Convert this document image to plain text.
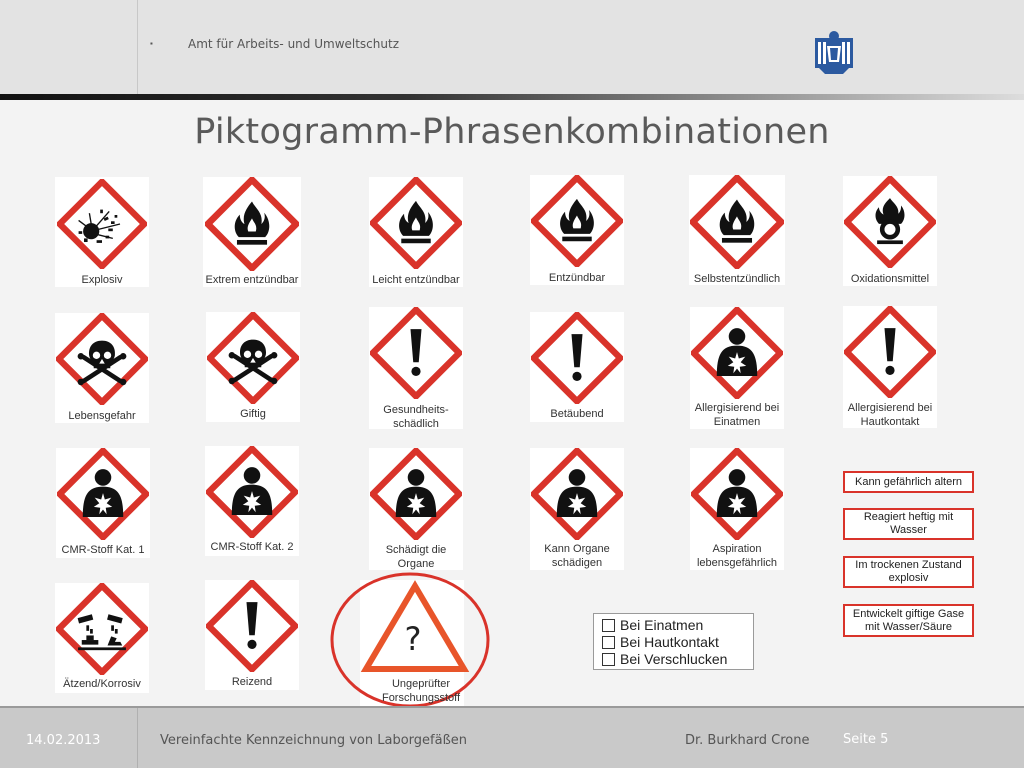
▪	Amt für Arbeits- und Umweltschutz
Piktogramm-Phrasenkombinationen
Explosiv	Extrem entzündbar	Leicht entzündbar	Entzündbar	Selbstentzündlich	Oxidationsmittel
Lebensgefahr	Giftig	Gesundheits-
schädlich
Betäubend	Allergisierend bei
Einatmen
Allergisierend bei
Hautkontakt
CMR-Stoff Kat. 1	CMR-Stoff Kat. 2	Schädigt die
Organe
Kann Organe
schädigen
Aspiration
lebensgefährlich
Ätzend/Korrosiv	Reizend
?
Ungeprüfter
Forschungsstoff
Bei Einatmen
Bei Hautkontakt
Bei Verschlucken
Kann gefährlich altern
Reagiert heftig mit
Wasser
Im trockenen Zustand
explosiv
Entwickelt giftige Gase
mit Wasser/Säure
14.02.2013	Vereinfachte Kennzeichnung von Laborgefäßen	Dr. Burkhard Crone	Seite 5
